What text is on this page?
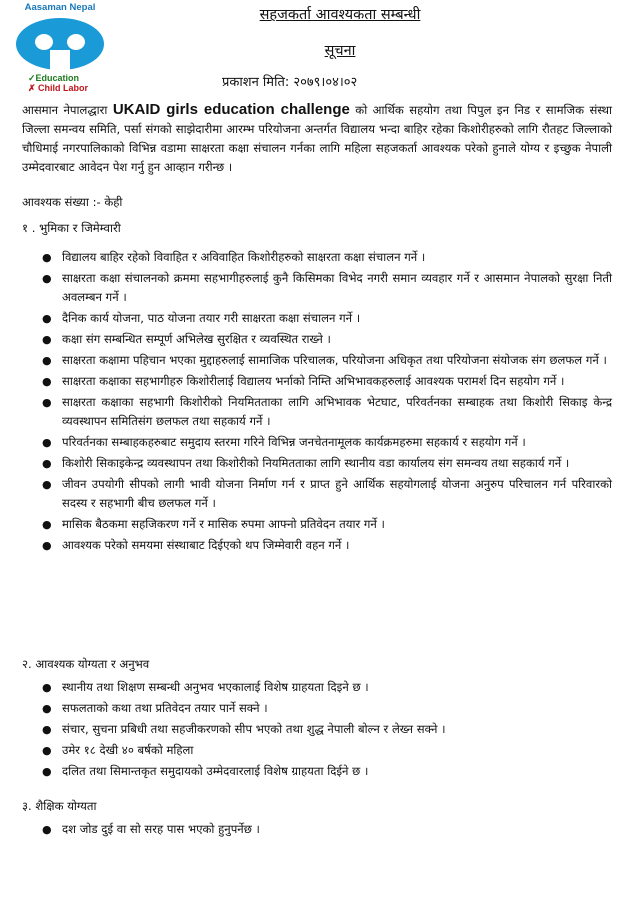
Aasaman Nepal
✓Education
✗ Child Labor
सहजकर्ता आवश्यकता सम्बन्धी
सूचना
प्रकाशन मिति: २०७९।०४।०२
आसमान नेपालद्धारा UKAID girls education challenge को आर्थिक सहयोग तथा पिपुल इन निड र सामजिक संस्था जिल्ला समन्वय समिति, पर्सा संगको साझेदारीमा आरम्भ परियोजना अन्तर्गत विद्यालय भन्दा बाहिर रहेका किशोरीहरुको लागि रौतहट जिल्लाको चौधिमाई नगरपालिकाको विभिन्न वडामा साक्षरता कक्षा संचालन गर्नका लागि महिला सहजकर्ता आवश्यक परेको हुनाले योग्य र इच्छुक नेपाली उम्मेदवारबाट आवेदन पेश गर्नु हुन आव्हान गरीन्छ ।
आवश्यक संख्या :- केही
१ . भुमिका र जिमेम्वारी
● विद्यालय बाहिर रहेको विवाहित र अविवाहित किशोरीहरुको साक्षरता कक्षा संचालन गर्ने ।
● साक्षरता कक्षा संचालनको क्रममा सहभागीहरुलाई कुनै किसिमका विभेद नगरी समान व्यवहार गर्ने र आसमान नेपालको सुरक्षा निती अवलम्बन गर्ने ।
● दैनिक कार्य योजना, पाठ योजना तयार गरी साक्षरता कक्षा संचालन गर्ने ।
● कक्षा संग सम्बन्धित सम्पूर्ण अभिलेख सुरक्षित र व्यवस्थित राख्ने ।
● साक्षरता कक्षामा पहिचान भएका मुद्दाहरुलाई सामाजिक परिचालक, परियोजना अधिकृत तथा परियोजना संयोजक संग छलफल गर्ने ।
● साक्षरता कक्षाका सहभागीहरु किशोरीलाई विद्यालय भर्नाको निम्ति अभिभावकहरुलाई आवश्यक परामर्श दिन सहयोग गर्ने ।
● साक्षरता कक्षाका सहभागी किशोरीको नियमितताका लागि अभिभावक भेटघाट, परिवर्तनका सम्बाहक तथा किशोरी सिकाइ केन्द्र व्यवस्थापन समितिसंग छलफल तथा सहकार्य गर्ने ।
● परिवर्तनका सम्बाहकहरुबाट समुदाय स्तरमा गरिने विभिन्न जनचेतनामूलक कार्यक्रमहरुमा सहकार्य र सहयोग गर्ने ।
● किशोरी सिकाइकेन्द्र व्यवस्थापन तथा किशोरीको नियमितताका लागि स्थानीय वडा कार्यालय संग समन्वय तथा सहकार्य गर्ने ।
● जीवन उपयोगी सीपको लागी भावी योजना निर्माण गर्न र प्राप्त हुने आर्थिक सहयोगलाई योजना अनुरुप परिचालन गर्न परिवारको सदस्य र सहभागी बीच छलफल गर्ने ।
● मासिक बैठकमा सहजिकरण गर्ने र मासिक रुपमा आफ्नो प्रतिवेदन तयार गर्ने ।
● आवश्यक परेको समयमा संस्थाबाट दिईएको थप जिम्मेवारी वहन गर्ने ।
२. आवश्यक योग्यता र अनुभव
● स्थानीय तथा शिक्षण सम्बन्धी अनुभव भएकालाई विशेष ग्राहयता दिइने छ ।
● सफलताको कथा तथा प्रतिवेदन तयार पार्ने सक्ने ।
● संचार, सुचना प्रबिधी तथा सहजीकरणको सीप भएको तथा शुद्ध नेपाली बोल्न र लेख्न सक्ने ।
● उमेर १८ देखी ४० बर्षको महिला
● दलित तथा सिमान्तकृत समुदायको उम्मेदवारलाई विशेष ग्राहयता दिईने छ ।
३. शैक्षिक योग्यता
● दश जोड दुई वा सो सरह पास भएको हुनुपर्नेछ ।
